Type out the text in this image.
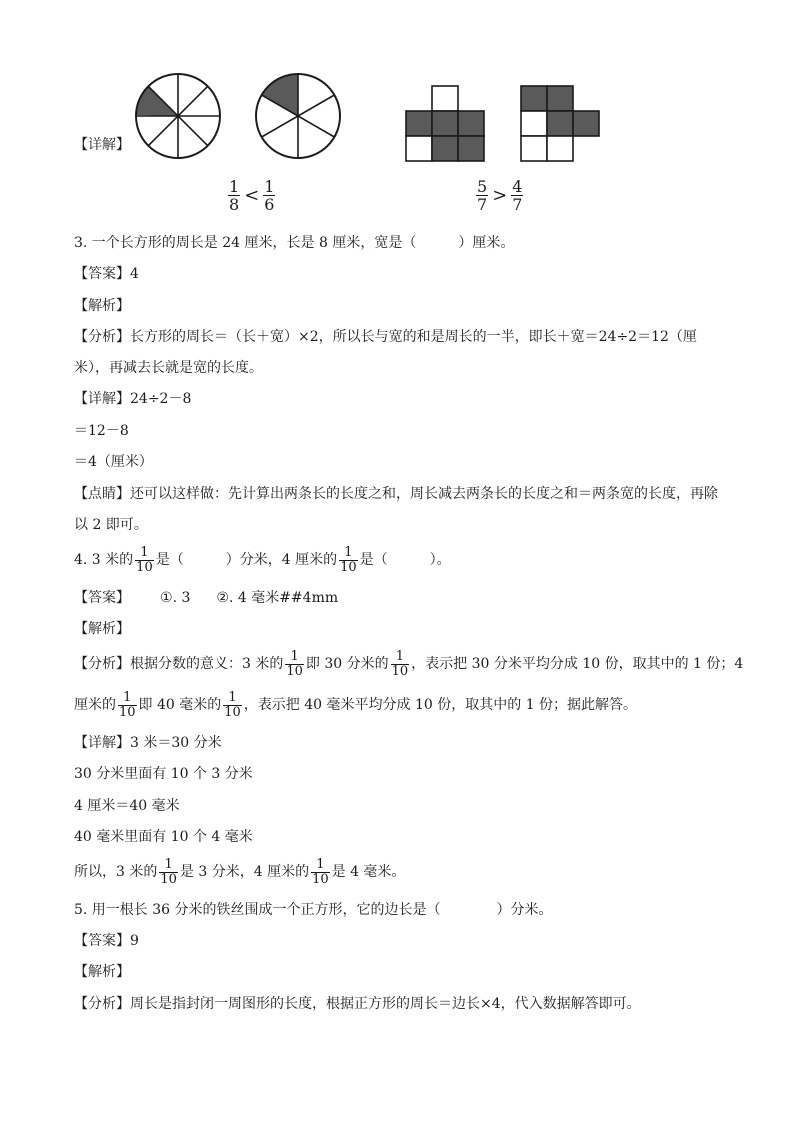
【详解】
$\frac{1}{8} < \frac{1}{6}$	$\frac{5}{7} > \frac{4}{7}$
3. 一个长方形的周长是 24 厘米，长是 8 厘米，宽是（　　　）厘米。
【答案】4
【解析】
【分析】长方形的周长＝（长＋宽）×2，所以长与宽的和是周长的一半，即长＋宽＝24÷2＝12（厘
米），再减去长就是宽的长度。
【详解】24÷2－8
＝12－8
＝4（厘米）
【点睛】还可以这样做：先计算出两条长的长度之和，周长减去两条长的长度之和＝两条宽的长度，再除
以 2 即可。
4. 3 米的 $\frac{1}{10}$ 是（　　　）分米，4 厘米的 $\frac{1}{10}$ 是（　　　）。
【答案】 ①. 3 ②. 4 毫米##4mm
【解析】
【分析】根据分数的意义：3 米的 $\frac{1}{10}$ 即 30 分米的 $\frac{1}{10}$ ，表示把 30 分米平均分成 10 份，取其中的 1 份；4
厘米的 $\frac{1}{10}$ 即 40 毫米的 $\frac{1}{10}$ ，表示把 40 毫米平均分成 10 份，取其中的 1 份；据此解答。
【详解】3 米＝30 分米
30 分米里面有 10 个 3 分米
4 厘米＝40 毫米
40 毫米里面有 10 个 4 毫米
所以，3 米的 $\frac{1}{10}$ 是 3 分米，4 厘米的 $\frac{1}{10}$ 是 4 毫米。
5. 用一根长 36 分米的铁丝围成一个正方形，它的边长是（　　　　）分米。
【答案】9
【解析】
【分析】周长是指封闭一周图形的长度，根据正方形的周长＝边长×4，代入数据解答即可。
